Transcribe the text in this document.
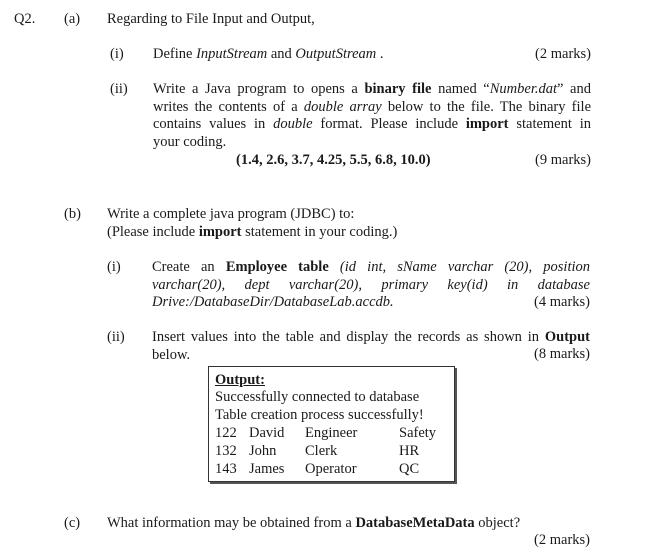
Q2. (a) Regarding to File Input and Output,
(i) Define InputStream and OutputStream .	(2 marks)
(ii) Write a Java program to opens a binary file named “Number.dat” and
writes the contents of a double array below to the file. The binary file
contains values in double format. Please include import statement in
your coding.
(1.4, 2.6, 3.7, 4.25, 5.5, 6.8, 10.0)	(9 marks)
(b) Write a complete java program (JDBC) to:
(Please include import statement in your coding.)
(i) Create an Employee table (id int, sName varchar (20), position
varchar(20), dept varchar(20), primary key(id) in database
Drive:/DatabaseDir/DatabaseLab.accdb.	(4 marks)
(ii) Insert values into the table and display the records as shown in Output
below.	(8 marks)
Output:
Successfully connected to database
Table creation process successfully!
122 David Engineer	Safety
132 John Clerk	HR
143 James Operator	QC
(c) What information may be obtained from a DatabaseMetaData object?
(2 marks)
